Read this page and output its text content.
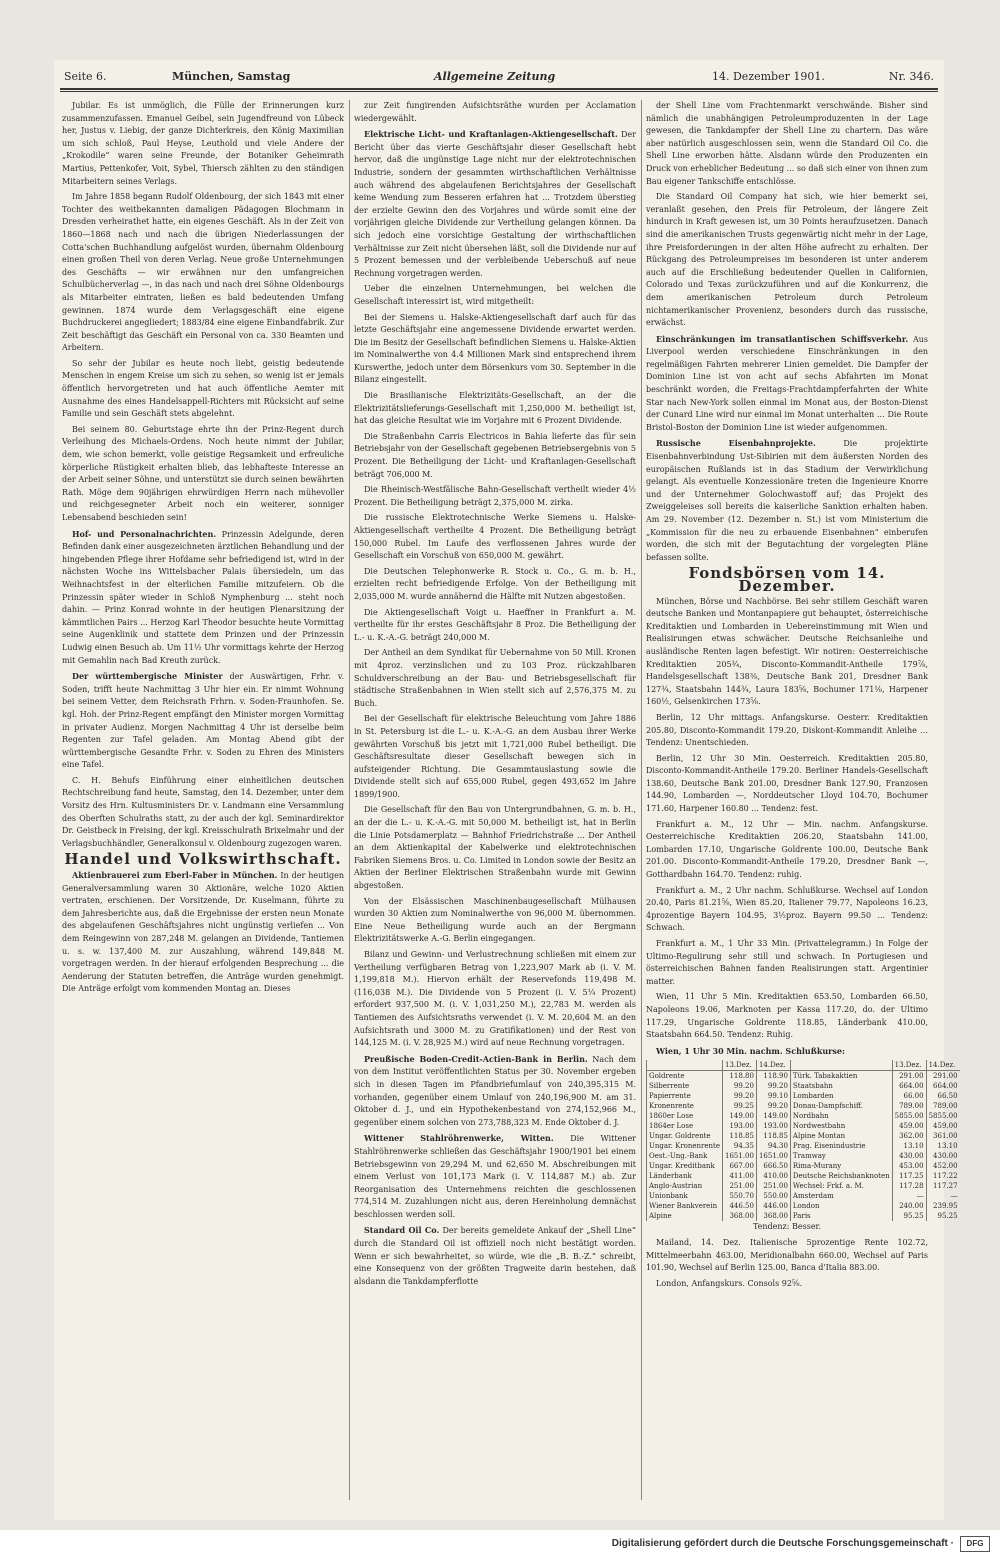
Seite 6.	München, Samstag	Allgemeine Zeitung	14. Dezember 1901.	Nr. 346.

Jubilar. Es ist unmöglich, die Fülle der Erinnerungen kurz zusammenzufassen. Emanuel Geibel, sein Jugendfreund von Lübeck her, Justus v. Liebig, der ganze Dichterkreis, den König Maximilian um sich schloß, Paul Heyse, Leuthold und viele Andere der „Krokodile“ waren seine Freunde, der Botaniker Geheimrath Martius, Pettenkofer, Voit, Sybel, Thiersch zählten zu den ständigen Mitarbeitern seines Verlags.

Im Jahre 1858 begann Rudolf Oldenbourg, der sich 1843 mit einer Tochter des weitbekannten damaligen Pädagogen Blochmann in Dresden verheirathet hatte, ein eigenes Geschäft. Als in der Zeit von 1860—1868 nach und nach die übrigen Niederlassungen der Cotta'schen Buchhandlung aufgelöst wurden, übernahm Oldenbourg einen großen Theil von deren Verlag. Neue große Unternehmungen des Geschäfts — wir erwähnen nur den umfangreichen Schulbücherverlag —, in das nach und nach drei Söhne Oldenbourgs als Mitarbeiter eintraten, ließen es bald bedeutenden Umfang gewinnen. 1874 wurde dem Verlagsgeschäft eine eigene Buchdruckerei angegliedert; 1883/84 eine eigene Einbandfabrik. Zur Zeit beschäftigt das Geschäft ein Personal von ca. 330 Beamten und Arbeitern.

So sehr der Jubilar es heute noch liebt, geistig bedeutende Menschen in engem Kreise um sich zu sehen, so wenig ist er jemals öffentlich hervorgetreten und hat auch öffentliche Aemter mit Ausnahme des eines Handelsappell-Richters mit Rücksicht auf seine Familie und sein Geschäft stets abgelehnt.

Bei seinem 80. Geburtstage ehrte ihn der Prinz-Regent durch Verleihung des Michaels-Ordens. Noch heute nimmt der Jubilar, dem, wie schon bemerkt, volle geistige Regsamkeit und erfreuliche körperliche Rüstigkeit erhalten blieb, das lebhafteste Interesse an der Arbeit seiner Söhne, und unterstützt sie durch seinen bewährten Rath. Möge dem 90jährigen ehrwürdigen Herrn nach mühevoller und reichgesegneter Arbeit noch ein weiterer, sonniger Lebensabend beschieden sein!

Hof- und Personalnachrichten. Prinzessin Adelgunde, deren Befinden dank einer ausgezeichneten ärztlichen Behandlung und der hingebenden Pflege ihrer Hofdame sehr befriedigend ist, wird in der nächsten Woche ins Wittelsbacher Palais übersiedeln, um das Weihnachtsfest in der elterlichen Familie mitzufeiern. Ob die Prinzessin später wieder in Schloß Nymphenburg ... steht noch dahin. — Prinz Konrad wohnte in der heutigen Plenarsitzung der kämmtlichen Pairs ... Herzog Karl Theodor besuchte heute Vormittag seine Augenklinik und stattete dem Prinzen und der Prinzessin Ludwig einen Besuch ab. Um 11½ Uhr vormittags kehrte der Herzog mit Gemahlin nach Bad Kreuth zurück.

Der württembergische Minister der Auswärtigen, Frhr. v. Soden, trifft heute Nachmittag 3 Uhr hier ein. Er nimmt Wohnung bei seinem Vetter, dem Reichsrath Frhrn. v. Soden-Fraunhofen. Se. kgl. Hoh. der Prinz-Regent empfängt den Minister morgen Vormittag in privater Audienz. Morgen Nachmittag 4 Uhr ist derselbe beim Regenten zur Tafel geladen. Am Montag Abend gibt der württembergische Gesandte Frhr. v. Soden zu Ehren des Ministers eine Tafel.

C. H. Behufs Einführung einer einheitlichen deutschen Rechtschreibung fand heute, Samstag, den 14. Dezember, unter dem Vorsitz des Hrn. Kultusministers Dr. v. Landmann eine Versammlung des Oberften Schulraths statt, zu der auch der kgl. Seminardirektor Dr. Geistbeck in Freising, der kgl. Kreisschulrath Brixelmahr und der Verlagsbuchhändler, Generalkonsul v. Oldenbourg zugezogen waren.

Handel und Volkswirthschaft.

Aktienbrauerei zum Eberl-Faber in München. In der heutigen Generalversammlung waren 30 Aktionäre, welche 1020 Aktien vertraten, erschienen. Der Vorsitzende, Dr. Kuselmann, führte zu dem Jahresberichte aus, daß die Ergebnisse der ersten neun Monate des abgelaufenen Geschäftsjahres nicht ungünstig verliefen ... Von dem Reingewinn von 287,248 M. gelangen an Dividende, Tantiemen u. s. w. 137,400 M. zur Auszahlung, während 149,848 M. vorgetragen werden. In der hierauf erfolgenden Besprechung ... die Aenderung der Statuten betreffen, die Anträge wurden genehmigt. Die Anträge erfolgt vom kommenden Montag an. Dieses

zur Zeit fungirenden Aufsichtsräthe wurden per Acclamation wiedergewählt.

Elektrische Licht- und Kraftanlagen-Aktiengesellschaft. Der Bericht über das vierte Geschäftsjahr dieser Gesellschaft hebt hervor, daß die ungünstige Lage nicht nur der elektrotechnischen Industrie, sondern der gesammten wirthschaftlichen Verhältnisse auch während des abgelaufenen Berichtsjahres der Gesellschaft keine Wendung zum Besseren erfahren hat ... Trotzdem überstieg der erzielte Gewinn den des Vorjahres und würde somit eine der vorjährigen gleiche Dividende zur Vertheilung gelangen können. Da sich jedoch eine vorsichtige Gestaltung der wirthschaftlichen Verhältnisse zur Zeit nicht übersehen läßt, soll die Dividende nur auf 5 Prozent bemessen und der verbleibende Ueberschuß auf neue Rechnung vorgetragen werden.

Ueber die einzelnen Unternehmungen, bei welchen die Gesellschaft interessirt ist, wird mitgetheilt:

Bei der Siemens u. Halske-Aktiengesellschaft darf auch für das letzte Geschäftsjahr eine angemessene Dividende erwartet werden. Die im Besitz der Gesellschaft befindlichen Siemens u. Halske-Aktien im Nominalwerthe von 4.4 Millionen Mark sind entsprechend ihrem Kurswerthe, jedoch unter dem Börsenkurs vom 30. September in die Bilanz eingestellt.

Die Brasilianische Elektrizitäts-Gesellschaft, an der die Elektrizitätslieferungs-Gesellschaft mit 1,250,000 M. betheiligt ist, hat das gleiche Resultat wie im Vorjahre mit 6 Prozent Dividende.

Die Straßenbahn Carris Electricos in Bahia lieferte das für sein Betriebsjahr von der Gesellschaft gegebenen Betriebsergebnis von 5 Prozent. Die Betheiligung der Licht- und Kraftanlagen-Gesellschaft beträgt 706,000 M.

Die Rheinisch-Westfälische Bahn-Gesellschaft vertheilt wieder 4½ Prozent. Die Betheiligung beträgt 2,375,000 M. zirka.

Die russische Elektrotechnische Werke Siemens u. Halske-Aktiengesellschaft vertheilte 4 Prozent. Die Betheiligung beträgt 150,000 Rubel. Im Laufe des verflossenen Jahres wurde der Gesellschaft ein Vorschuß von 650,000 M. gewährt.

Die Deutschen Telephonwerke R. Stock u. Co., G. m. b. H., erzielten recht befriedigende Erfolge. Von der Betheiligung mit 2,035,000 M. wurde annähernd die Hälfte mit Nutzen abgestoßen.

Die Aktiengesellschaft Voigt u. Haeffner in Frankfurt a. M. vertheilte für ihr erstes Geschäftsjahr 8 Proz. Die Betheiligung der L.- u. K.-A.-G. beträgt 240,000 M.

Der Antheil an dem Syndikat für Uebernahme von 50 Mill. Kronen mit 4proz. verzinslichen und zu 103 Proz. rückzahlbaren Schuldverschreibung an der Bau- und Betriebsgesellschaft für städtische Straßenbahnen in Wien stellt sich auf 2,576,375 M. zu Buch.

Bei der Gesellschaft für elektrische Beleuchtung vom Jahre 1886 in St. Petersburg ist die L.- u. K.-A.-G. an dem Ausbau ihrer Werke gewährten Vorschuß bis jetzt mit 1,721,000 Rubel betheiligt. Die Geschäftsresultate dieser Gesellschaft bewegen sich in aufsteigender Richtung. Die Gesammtauslastung sowie die Dividende stellt sich auf 655,000 Rubel, gegen 493,652 im Jahre 1899/1900.

Die Gesellschaft für den Bau von Untergrundbahnen, G. m. b. H., an der die L.- u. K.-A.-G. mit 50,000 M. betheiligt ist, hat in Berlin die Linie Potsdamerplatz — Bahnhof Friedrichstraße ... Der Antheil an dem Aktienkapital der Kabelwerke und elektrotechnischen Fabriken Siemens Bros. u. Co. Limited in London sowie der Besitz an Aktien der Berliner Elektrischen Straßenbahn wurde mit Gewinn abgestoßen.

Von der Elsässischen Maschinenbaugesellschaft Mülhausen wurden 30 Aktien zum Nominalwerthe von 96,000 M. übernommen. Eine Neue Betheiligung wurde auch an der Bergmann Elektrizitätswerke A.-G. Berlin eingegangen.

Bilanz und Gewinn- und Verlustrechnung schließen mit einem zur Vertheilung verfügbaren Betrag von 1,223,907 Mark ab (i. V. M. 1,199,818 M.). Hiervon erhält der Reservefonds 119,498 M. (116,038 M.). Die Dividende von 5 Prozent (i. V. 5¼ Prozent) erfordert 937,500 M. (i. V. 1,031,250 M.), 22,783 M. werden als Tantiemen des Aufsichtsraths verwendet (i. V. M. 20,604 M. an den Aufsichtsrath und 3000 M. zu Gratifikationen) und der Rest von 144,125 M. (i. V. 28,925 M.) wird auf neue Rechnung vorgetragen.

Preußische Boden-Credit-Actien-Bank in Berlin. Nach dem von dem Institut veröffentlichten Status per 30. November ergeben sich in diesen Tagen im Pfandbriefumlauf von 240,395,315 M. vorhanden, gegenüber einem Umlauf von 240,196,900 M. am 31. Oktober d. J., und ein Hypothekenbestand von 274,152,966 M., gegenüber einem solchen von 273,788,323 M. Ende Oktober d. J.

Wittener Stahlröhrenwerke, Witten. Die Wittener Stahlröhrenwerke schließen das Geschäftsjahr 1900/1901 bei einem Betriebsgewinn von 29,294 M. und 62,650 M. Abschreibungen mit einem Verlust von 101,173 Mark (i. V. 114,887 M.) ab. Zur Reorganisation des Unternehmens reichten die geschlossenen 774,514 M. Zuzahlungen nicht aus, deren Hereinholung demnächst beschlossen werden soll.

Standard Oil Co. Der bereits gemeldete Ankauf der „Shell Line“ durch die Standard Oil ist offiziell noch nicht bestätigt worden. Wenn er sich bewahrheitet, so würde, wie die „B. B.-Z.“ schreibt, eine Konsequenz von der größten Tragweite darin bestehen, daß alsdann die Tankdampferflotte

der Shell Line vom Frachtenmarkt verschwände. Bisher sind nämlich die unabhängigen Petroleumproduzenten in der Lage gewesen, die Tankdampfer der Shell Line zu chartern. Das wäre aber natürlich ausgeschlossen sein, wenn die Standard Oil Co. die Shell Line erworben hätte. Alsdann würde den Produzenten ein Druck von erheblicher Bedeutung ... so daß sich einer von ihnen zum Bau eigener Tankschiffe entschlösse.

Die Standard Oil Company hat sich, wie hier bemerkt sei, veranlaßt gesehen, den Preis für Petroleum, der längere Zeit hindurch in Kraft gewesen ist, um 30 Points heraufzusetzen. Danach sind die amerikanischen Trusts gegenwärtig nicht mehr in der Lage, ihre Preisforderungen in der alten Höhe aufrecht zu erhalten. Der Rückgang des Petroleumpreises im besonderen ist unter anderem auch auf die Erschließung bedeutender Quellen in Californien, Colorado und Texas zurückzuführen und auf die Konkurrenz, die dem amerikanischen Petroleum durch Petroleum nichtamerikanischer Provenienz, besonders durch das russische, erwächst.

Einschränkungen im transatlantischen Schiffsverkehr. Aus Liverpool werden verschiedene Einschränkungen in den regelmäßigen Fahrten mehrerer Linien gemeldet. Die Dampfer der Dominion Line ist von acht auf sechs Abfahrten im Monat beschränkt worden, die Freitags-Frachtdampferfahrten der White Star nach New-York sollen einmal im Monat aus, der Boston-Dienst der Cunard Line wird nur einmal im Monat unterhalten ... Die Route Bristol-Boston der Dominion Line ist wieder aufgenommen.

Russische Eisenbahnprojekte.	Die projektirte Eisenbahnverbindung Ust-Sibirien mit dem äußersten Norden des europäischen Rußlands ist in das Stadium der Verwirklichung gelangt. Als eventuelle Konzessionäre treten die Ingenieure Knorre und der Unternehmer Golochwastoff auf; das Projekt des Zweiggeleises soll bereits die kaiserliche Sanktion erhalten haben. Am 29. November (12. Dezember n. St.) ist vom Ministerium die „Kommission für die neu zu erbauende Eisenbahnen“ einberufen worden, die sich mit der Begutachtung der vorgelegten Pläne befassen sollte.

Fondsbörsen vom 14. Dezember.

München, Börse und Nachbörse. Bei sehr stillem Geschäft waren deutsche Banken und Montanpapiere gut behauptet, österreichische Kreditaktien und Lombarden in Uebereinstimmung mit Wien und Realisirungen etwas schwächer. Deutsche Reichsanleihe und ausländische Renten lagen befestigt. Wir notiren: Oesterreichische Kreditaktien 205¾, Disconto-Kommandit-Antheile 179⅞, Handelsgesellschaft 138⅜, Deutsche Bank 201, Dresdner Bank 127¾, Staatsbahn 144¾, Laura 183⅝, Bochumer 171⅛, Harpener 160½, Gelsenkirchen 173⅝.

Berlin, 12 Uhr mittags. Anfangskurse. Oesterr. Kreditaktien 205.80, Disconto-Kommandit 179.20, Diskont-Kommandit Anleihe ... Tendenz: Unentschieden.

Berlin, 12 Uhr 30 Min. Oesterreich. Kreditaktien 205.80, Disconto-Kommandit-Antheile 179.20. Berliner Handels-Gesellschaft 138.60, Deutsche Bank 201.00, Dresdner Bank 127.90, Franzosen 144.90, Lombarden —, Norddeutscher Lloyd 104.70, Bochumer 171.60, Harpener 160.80 ... Tendenz: fest.

Frankfurt a. M., 12 Uhr — Min. nachm. Anfangskurse. Oesterreichische Kreditaktien 206.20, Staatsbahn 141.00, Lombarden 17.10, Ungarische Goldrente 100.00, Deutsche Bank 201.00. Disconto-Kommandit-Antheile 179.20, Dresdner Bank —, Gotthardbahn 164.70. Tendenz: ruhig.

Frankfurt a. M., 2 Uhr nachm. Schlußkurse. Wechsel auf London 20.40, Paris 81.21⅝, Wien 85.20, Italiener 79.77, Napoleons 16.23, 4prozentige Bayern 104.95, 3½proz. Bayern 99.50 ... Tendenz: Schwach.

Frankfurt a. M., 1 Uhr 33 Min. (Privattelegramm.) In Folge der Ultimo-Regulirung sehr still und schwach. In Portugiesen und österreichischen Bahnen fanden Realisirungen statt. Argentinier matter.

Wien, 11 Uhr 5 Min. Kreditaktien 653.50, Lombarden 66.50, Napoleons 19.06, Marknoten per Kassa 117.20, do. der Ultimo 117.29, Ungarische Goldrente 118.85, Länderbank 410.00, Staatsbahn 664.50. Tendenz: Ruhig.

Wien, 1 Uhr 30 Min. nachm. Schlußkurse:

	13.Dez.	14.Dez.		13.Dez.	14.Dez.
Goldrente	118.80	118.90	Türk. Tabakaktien	291.00	291.00
Silberrente	99.20	99.20	Staatsbahn	664.00	664.00
Papierrente	99.20	99.10	Lombarden	66.00	66.50
Kronenrente	99.25	99.20	Donau-Dampfschiff.	789.00	789.00
1860er Lose	149.00	149.00	Nordbahn	5855.00	5855.00
1864er Lose	193.00	193.00	Nordwestbahn	459.00	459.00
Ungar. Goldrente	118.85	118.85	Alpine Montan	362.00	361.00
Ungar. Kronenrente	94.35	94.30	Prag. Eisenindustrie	13.10	13.10
Oest.-Ung.-Bank	1651.00	1651.00	Tramway	430.00	430.00
Ungar. Kreditbank	667.00	666.50	Rima-Murany	453.00	452.00
Länderbank	411.00	410.00	Deutsche Reichsbanknoten	117.25	117.22
Anglo-Austrian	251.00	251.00	Wechsel: Frkf. a. M.	117.28	117.27
Unionbank	550.70	550.00	Amsterdam	—	—
Wiener Bankverein	446.50	446.00	London	240.00	239.95
Alpine	368.00	368.00	Paris	95.25	95.25

Tendenz: Besser.

Mailand, 14. Dez. Italienische 5prozentige Rente 102.72, Mittelmeerbahn 463.00, Meridionalbahn 660.00, Wechsel auf Paris 101.90, Wechsel auf Berlin 125.00, Banca d'Italia 883.00.

London, Anfangskurs. Consols 92⅝.

Digitalisierung gefördert durch die Deutsche Forschungsgemeinschaft ·	DFG
